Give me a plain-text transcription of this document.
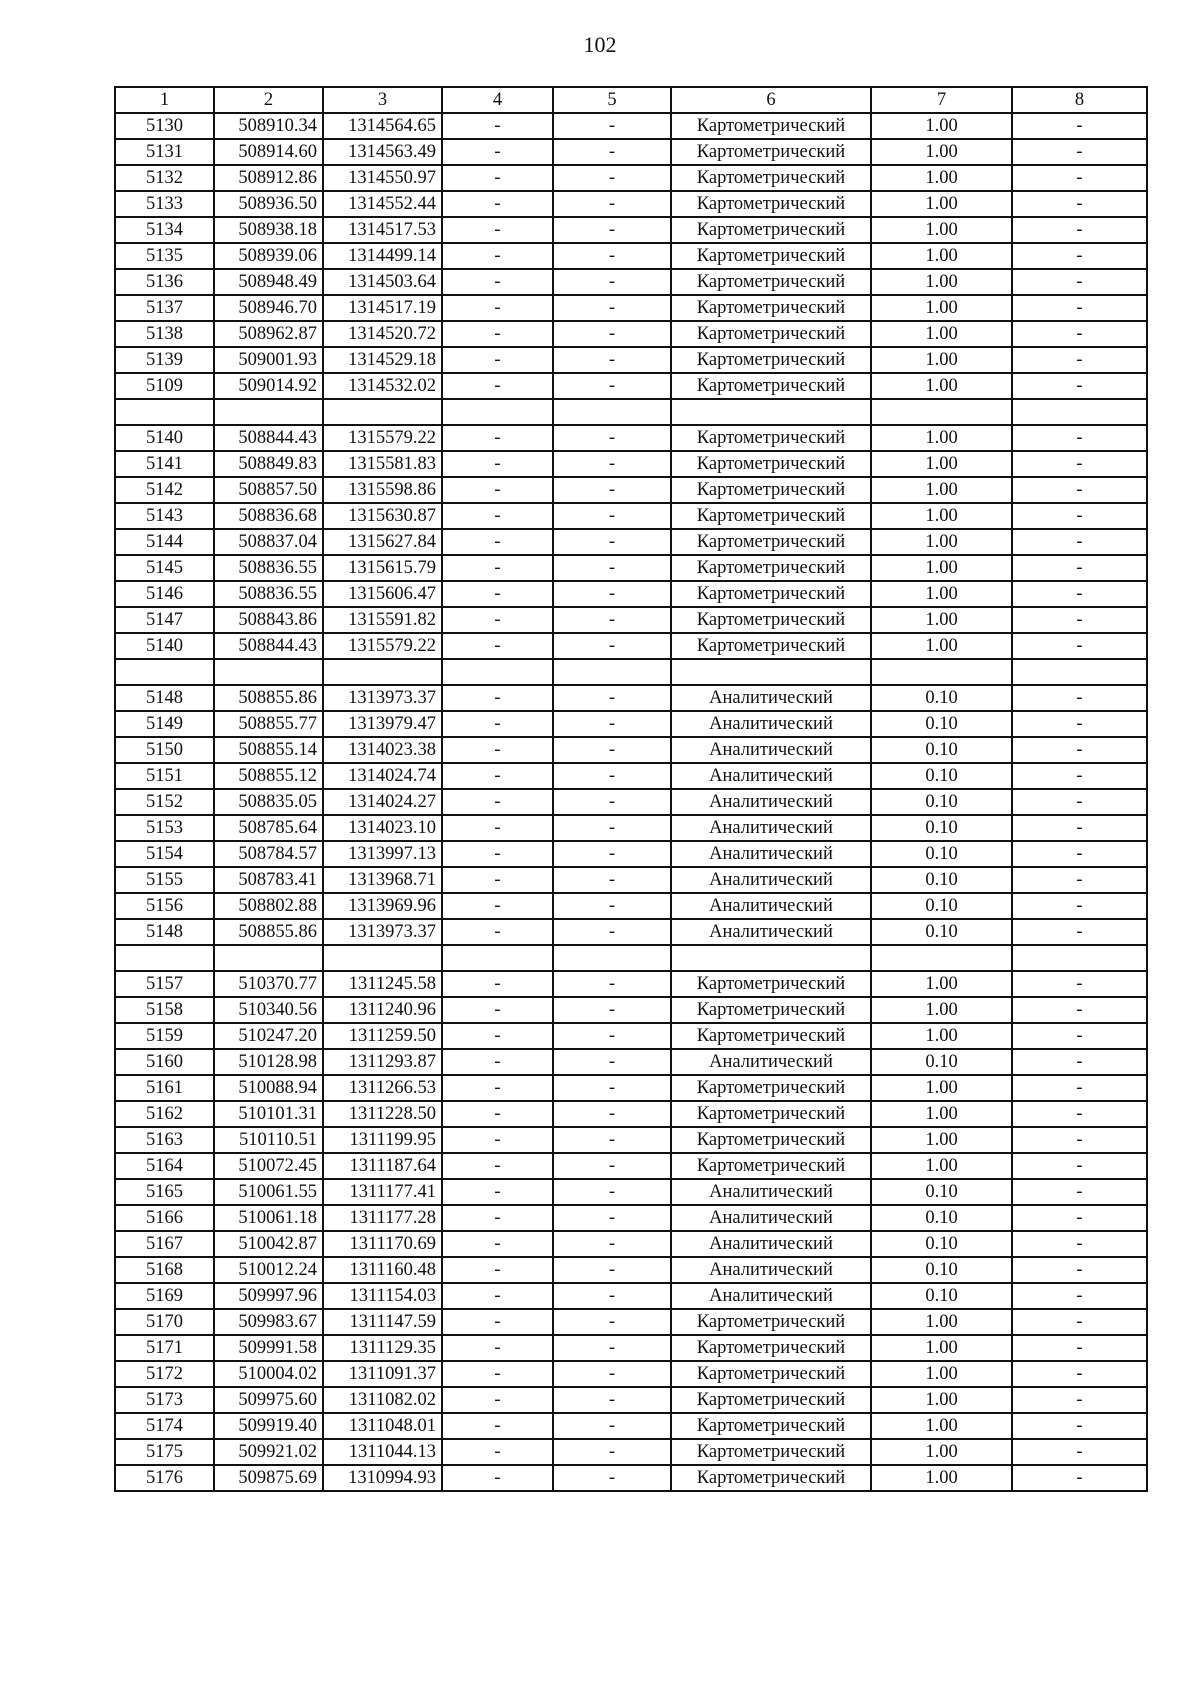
102
1	2	3	4	5	6	7	8
5130	508910.34	1314564.65	-	-	Картометрический	1.00	-
5131	508914.60	1314563.49	-	-	Картометрический	1.00	-
5132	508912.86	1314550.97	-	-	Картометрический	1.00	-
5133	508936.50	1314552.44	-	-	Картометрический	1.00	-
5134	508938.18	1314517.53	-	-	Картометрический	1.00	-
5135	508939.06	1314499.14	-	-	Картометрический	1.00	-
5136	508948.49	1314503.64	-	-	Картометрический	1.00	-
5137	508946.70	1314517.19	-	-	Картометрический	1.00	-
5138	508962.87	1314520.72	-	-	Картометрический	1.00	-
5139	509001.93	1314529.18	-	-	Картометрический	1.00	-
5109	509014.92	1314532.02	-	-	Картометрический	1.00	-

5140	508844.43	1315579.22	-	-	Картометрический	1.00	-
5141	508849.83	1315581.83	-	-	Картометрический	1.00	-
5142	508857.50	1315598.86	-	-	Картометрический	1.00	-
5143	508836.68	1315630.87	-	-	Картометрический	1.00	-
5144	508837.04	1315627.84	-	-	Картометрический	1.00	-
5145	508836.55	1315615.79	-	-	Картометрический	1.00	-
5146	508836.55	1315606.47	-	-	Картометрический	1.00	-
5147	508843.86	1315591.82	-	-	Картометрический	1.00	-
5140	508844.43	1315579.22	-	-	Картометрический	1.00	-

5148	508855.86	1313973.37	-	-	Аналитический	0.10	-
5149	508855.77	1313979.47	-	-	Аналитический	0.10	-
5150	508855.14	1314023.38	-	-	Аналитический	0.10	-
5151	508855.12	1314024.74	-	-	Аналитический	0.10	-
5152	508835.05	1314024.27	-	-	Аналитический	0.10	-
5153	508785.64	1314023.10	-	-	Аналитический	0.10	-
5154	508784.57	1313997.13	-	-	Аналитический	0.10	-
5155	508783.41	1313968.71	-	-	Аналитический	0.10	-
5156	508802.88	1313969.96	-	-	Аналитический	0.10	-
5148	508855.86	1313973.37	-	-	Аналитический	0.10	-

5157	510370.77	1311245.58	-	-	Картометрический	1.00	-
5158	510340.56	1311240.96	-	-	Картометрический	1.00	-
5159	510247.20	1311259.50	-	-	Картометрический	1.00	-
5160	510128.98	1311293.87	-	-	Аналитический	0.10	-
5161	510088.94	1311266.53	-	-	Картометрический	1.00	-
5162	510101.31	1311228.50	-	-	Картометрический	1.00	-
5163	510110.51	1311199.95	-	-	Картометрический	1.00	-
5164	510072.45	1311187.64	-	-	Картометрический	1.00	-
5165	510061.55	1311177.41	-	-	Аналитический	0.10	-
5166	510061.18	1311177.28	-	-	Аналитический	0.10	-
5167	510042.87	1311170.69	-	-	Аналитический	0.10	-
5168	510012.24	1311160.48	-	-	Аналитический	0.10	-
5169	509997.96	1311154.03	-	-	Аналитический	0.10	-
5170	509983.67	1311147.59	-	-	Картометрический	1.00	-
5171	509991.58	1311129.35	-	-	Картометрический	1.00	-
5172	510004.02	1311091.37	-	-	Картометрический	1.00	-
5173	509975.60	1311082.02	-	-	Картометрический	1.00	-
5174	509919.40	1311048.01	-	-	Картометрический	1.00	-
5175	509921.02	1311044.13	-	-	Картометрический	1.00	-
5176	509875.69	1310994.93	-	-	Картометрический	1.00	-
